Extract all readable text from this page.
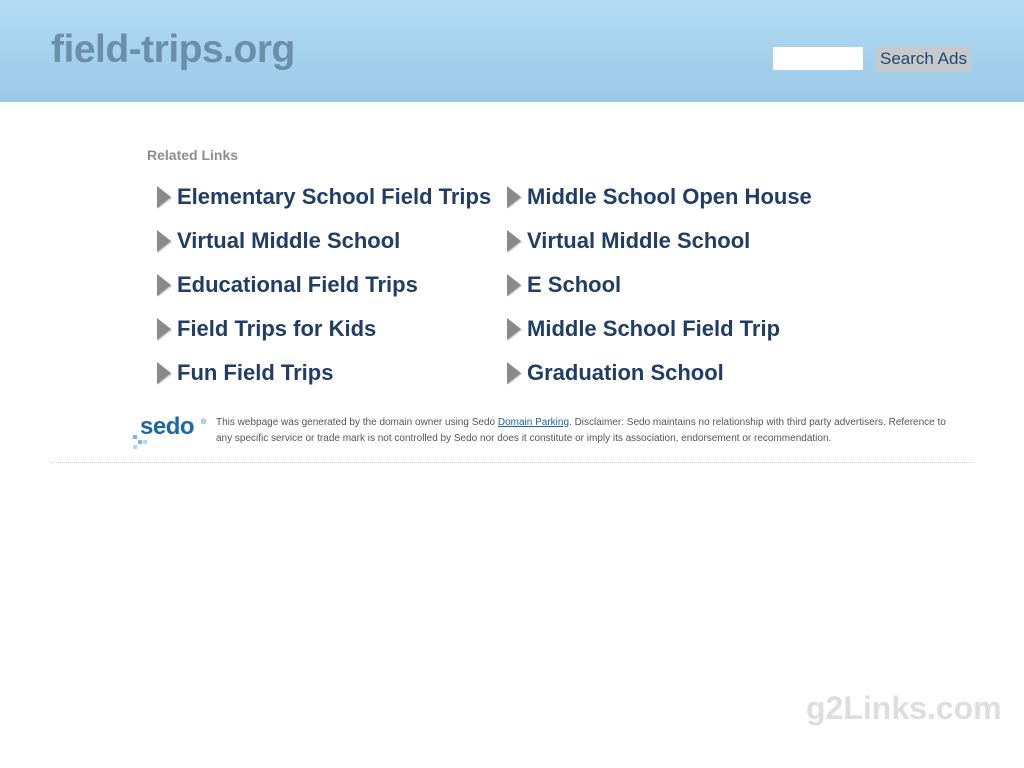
field-trips.org	Search Ads
Related Links
Elementary School Field Trips
Virtual Middle School
Educational Field Trips
Field Trips for Kids
Fun Field Trips
Middle School Open House
Virtual Middle School
E School
Middle School Field Trip
Graduation School
sedo ® This webpage was generated by the domain owner using Sedo Domain Parking. Disclaimer: Sedo maintains no relationship with third party advertisers. Reference to any specific service or trade mark is not controlled by Sedo nor does it constitute or imply its association, endorsement or recommendation.
g2Links.com
